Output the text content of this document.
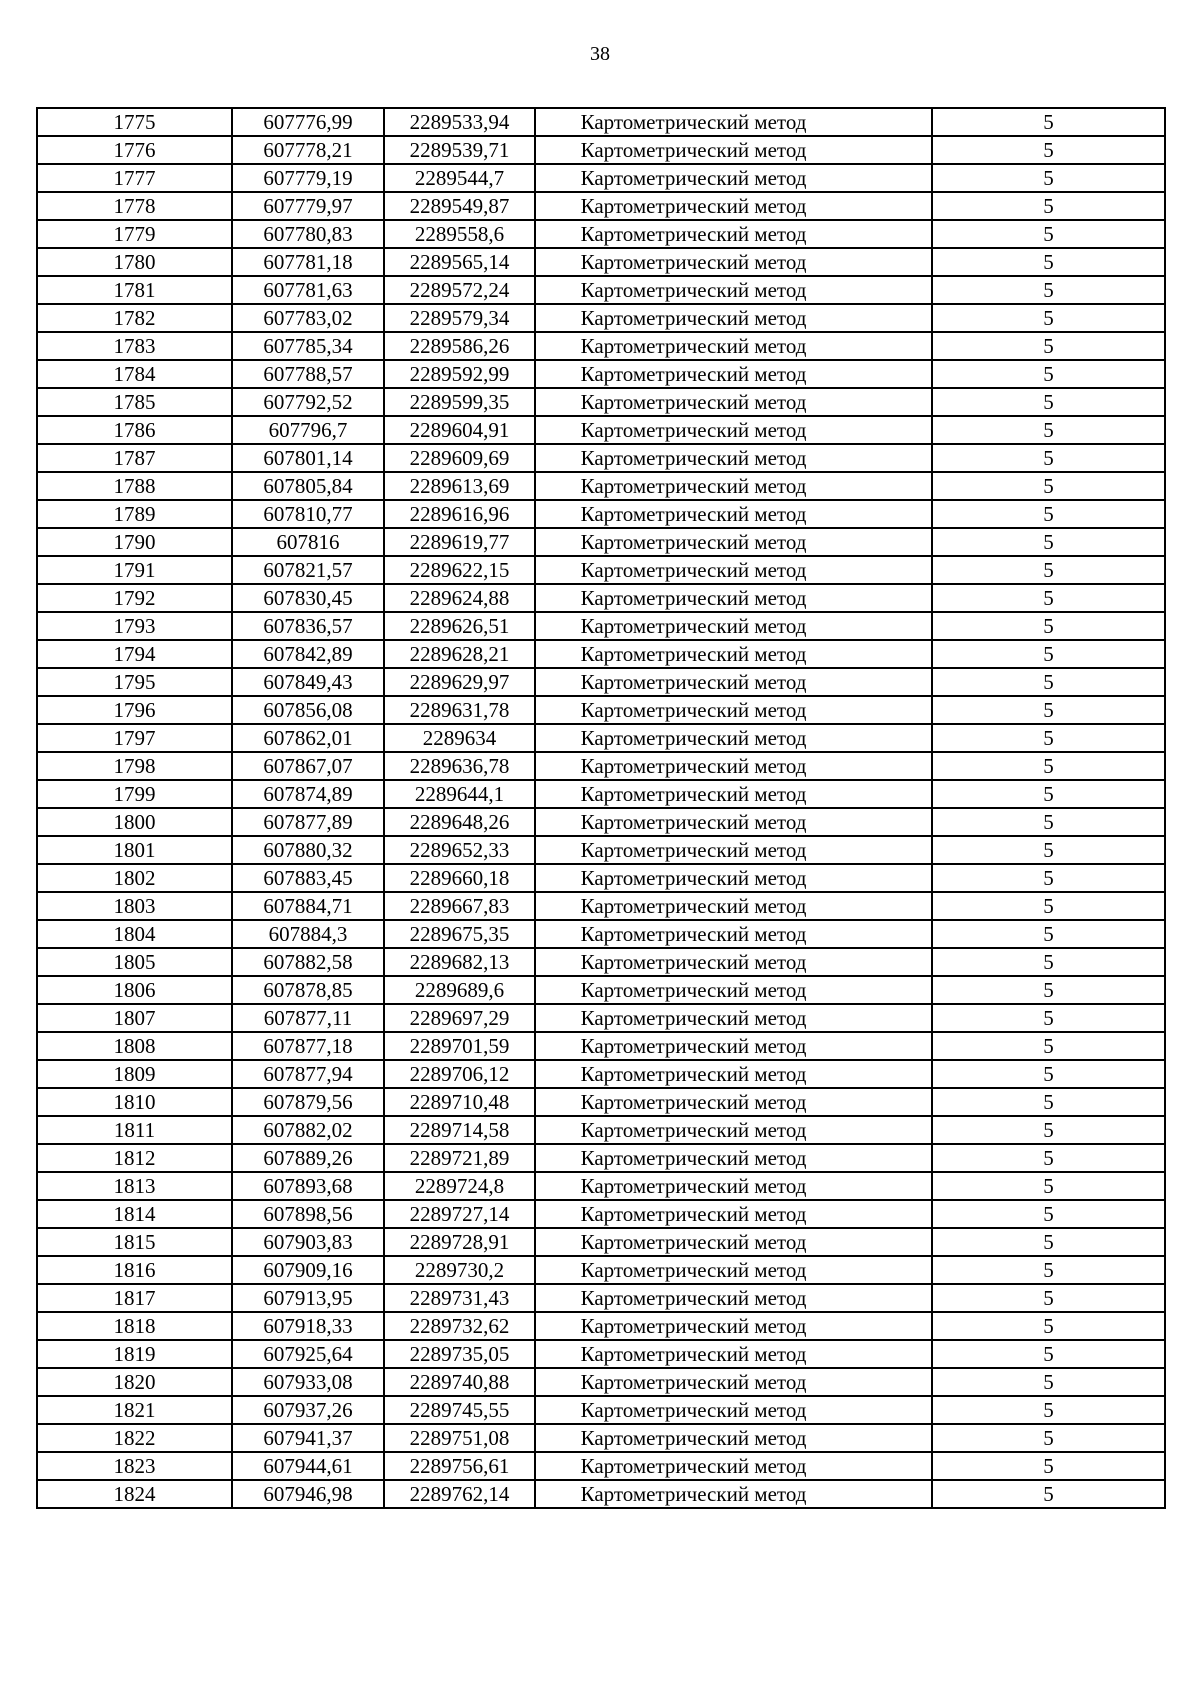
38
1775	607776,99	2289533,94	Картометрический метод	5
1776	607778,21	2289539,71	Картометрический метод	5
1777	607779,19	2289544,7	Картометрический метод	5
1778	607779,97	2289549,87	Картометрический метод	5
1779	607780,83	2289558,6	Картометрический метод	5
1780	607781,18	2289565,14	Картометрический метод	5
1781	607781,63	2289572,24	Картометрический метод	5
1782	607783,02	2289579,34	Картометрический метод	5
1783	607785,34	2289586,26	Картометрический метод	5
1784	607788,57	2289592,99	Картометрический метод	5
1785	607792,52	2289599,35	Картометрический метод	5
1786	607796,7	2289604,91	Картометрический метод	5
1787	607801,14	2289609,69	Картометрический метод	5
1788	607805,84	2289613,69	Картометрический метод	5
1789	607810,77	2289616,96	Картометрический метод	5
1790	607816	2289619,77	Картометрический метод	5
1791	607821,57	2289622,15	Картометрический метод	5
1792	607830,45	2289624,88	Картометрический метод	5
1793	607836,57	2289626,51	Картометрический метод	5
1794	607842,89	2289628,21	Картометрический метод	5
1795	607849,43	2289629,97	Картометрический метод	5
1796	607856,08	2289631,78	Картометрический метод	5
1797	607862,01	2289634	Картометрический метод	5
1798	607867,07	2289636,78	Картометрический метод	5
1799	607874,89	2289644,1	Картометрический метод	5
1800	607877,89	2289648,26	Картометрический метод	5
1801	607880,32	2289652,33	Картометрический метод	5
1802	607883,45	2289660,18	Картометрический метод	5
1803	607884,71	2289667,83	Картометрический метод	5
1804	607884,3	2289675,35	Картометрический метод	5
1805	607882,58	2289682,13	Картометрический метод	5
1806	607878,85	2289689,6	Картометрический метод	5
1807	607877,11	2289697,29	Картометрический метод	5
1808	607877,18	2289701,59	Картометрический метод	5
1809	607877,94	2289706,12	Картометрический метод	5
1810	607879,56	2289710,48	Картометрический метод	5
1811	607882,02	2289714,58	Картометрический метод	5
1812	607889,26	2289721,89	Картометрический метод	5
1813	607893,68	2289724,8	Картометрический метод	5
1814	607898,56	2289727,14	Картометрический метод	5
1815	607903,83	2289728,91	Картометрический метод	5
1816	607909,16	2289730,2	Картометрический метод	5
1817	607913,95	2289731,43	Картометрический метод	5
1818	607918,33	2289732,62	Картометрический метод	5
1819	607925,64	2289735,05	Картометрический метод	5
1820	607933,08	2289740,88	Картометрический метод	5
1821	607937,26	2289745,55	Картометрический метод	5
1822	607941,37	2289751,08	Картометрический метод	5
1823	607944,61	2289756,61	Картометрический метод	5
1824	607946,98	2289762,14	Картометрический метод	5
